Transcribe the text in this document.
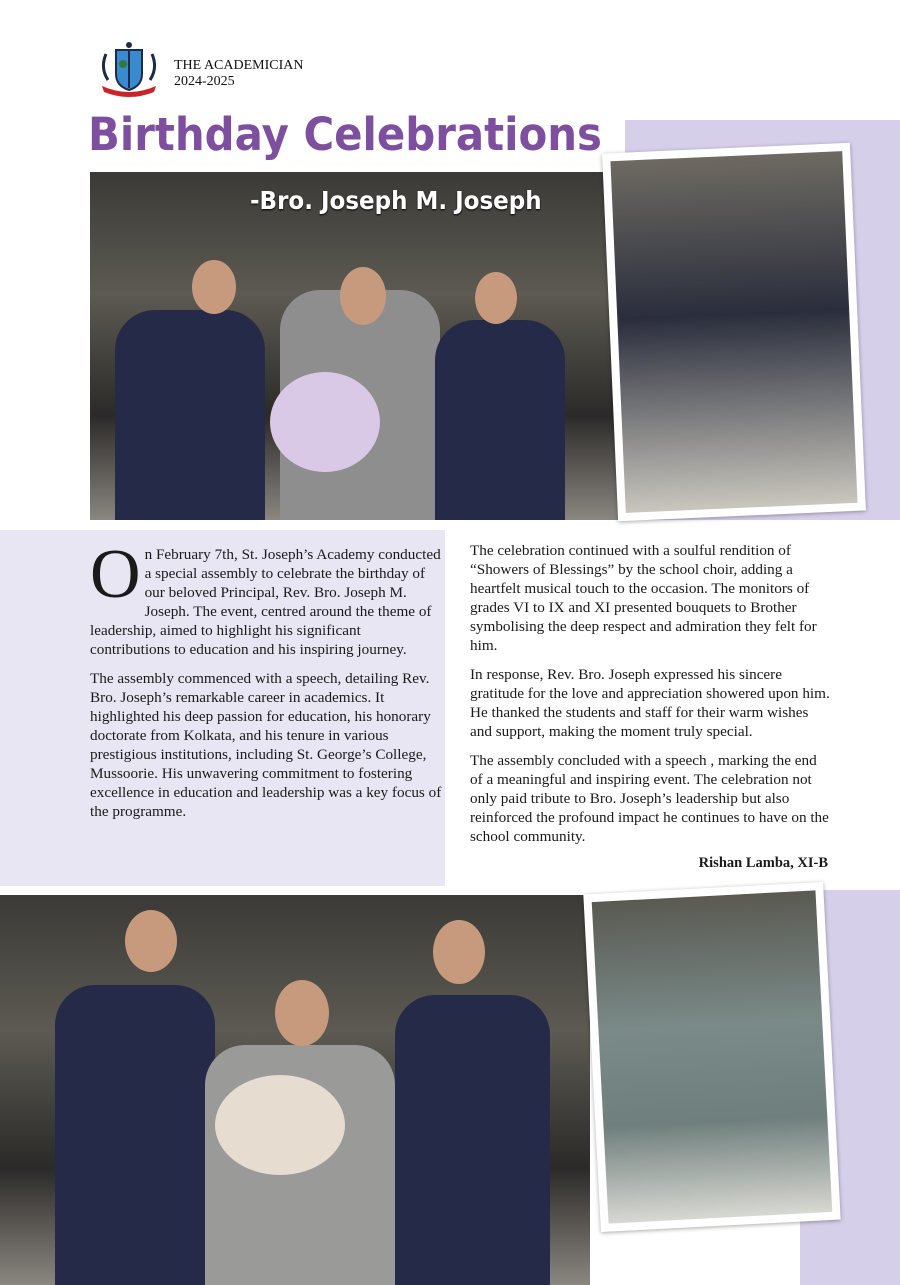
THE ACADEMICIAN
2024-2025
Birthday Celebrations
-Bro. Joseph M. Joseph

On February 7th, St. Joseph’s Academy conducted a special assembly to celebrate the birthday of our beloved Principal, Rev. Bro. Joseph M. Joseph. The event, centred around the theme of leadership, aimed to highlight his significant contributions to education and his inspiring journey.

The assembly commenced with a speech, detailing Rev. Bro. Joseph’s remarkable career in academics. It highlighted his deep passion for education, his honorary doctorate from Kolkata, and his tenure in various prestigious institutions, including St. George’s College, Mussoorie. His unwavering commitment to fostering excellence in education and leadership was a key focus of the programme.

The celebration continued with a soulful rendition of “Showers of Blessings” by the school choir, adding a heartfelt musical touch to the occasion. The monitors of grades VI to IX and XI presented bouquets to Brother symbolising the deep respect and admiration they felt for him.

In response, Rev. Bro. Joseph expressed his sincere gratitude for the love and appreciation showered upon him. He thanked the students and staff for their warm wishes and support, making the moment truly special.

The assembly concluded with a speech , marking the end of a meaningful and inspiring event. The celebration not only paid tribute to Bro. Joseph’s leadership but also reinforced the profound impact he continues to have on the school community.

Rishan Lamba, XI-B
